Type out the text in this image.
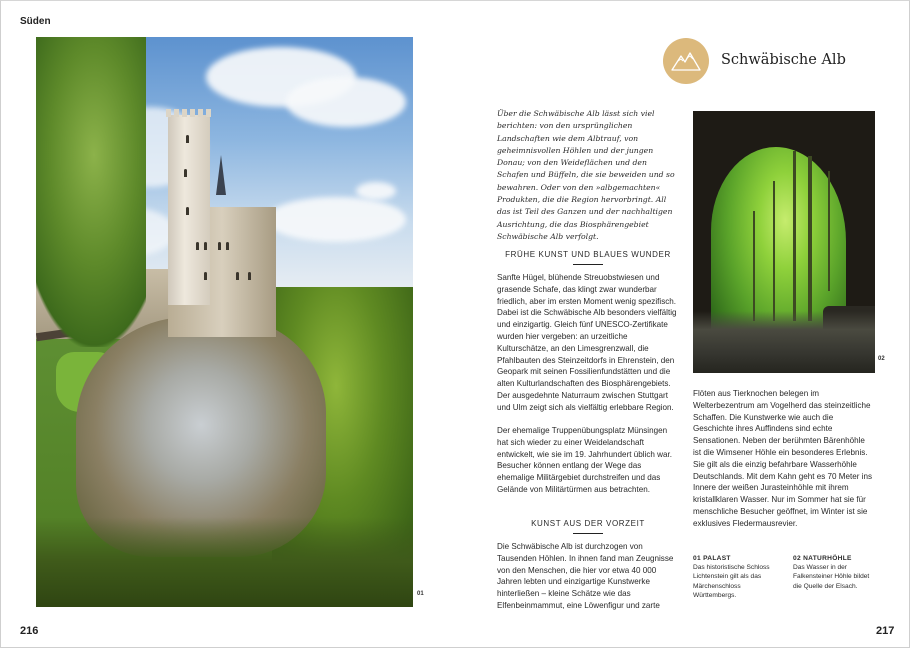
Süden
01
216
Schwäbische Alb
Über die Schwäbische Alb lässt sich viel berichten: von den ursprünglichen Landschaften wie dem Albtrauf, von geheimnisvollen Höhlen und der jungen Donau; von den Weideflächen und den Schafen und Büffeln, die sie beweiden und so bewahren. Oder von den »albgemachten« Produkten, die die Region hervorbringt. All das ist Teil des Ganzen und der nachhaltigen Ausrichtung, die das Biosphärengebiet Schwäbische Alb verfolgt.
FRÜHE KUNST UND BLAUES WUNDER
Sanfte Hügel, blühende Streuobstwiesen und grasende Schafe, das klingt zwar wunderbar friedlich, aber im ersten Moment wenig spezifisch. Dabei ist die Schwäbische Alb besonders vielfältig und einzigartig. Gleich fünf UNESCO-Zertifikate wurden hier vergeben: an urzeitliche Kulturschätze, an den Limesgrenzwall, die Pfahlbauten des Steinzeitdorfs in Ehrenstein, den Geopark mit seinen Fossilienfundstätten und die alten Kulturlandschaften des Biosphärengebiets. Der ausgedehnte Naturraum zwischen Stuttgart und Ulm zeigt sich als vielfältig erlebbare Region.
Der ehemalige Truppenübungsplatz Münsingen hat sich wieder zu einer Weidelandschaft entwickelt, wie sie im 19. Jahrhundert üblich war. Besucher können entlang der Wege das ehemalige Militärgebiet durchstreifen und das Gelände von Militärtürmen aus betrachten.
KUNST AUS DER VORZEIT
Die Schwäbische Alb ist durchzogen von Tausenden Höhlen. In ihnen fand man Zeugnisse von den Menschen, die hier vor etwa 40 000 Jahren lebten und einzigartige Kunstwerke hinterließen – kleine Schätze wie das Elfenbeinmammut, eine Löwenfigur und zarte
02
Flöten aus Tierknochen belegen im Welterbezentrum am Vogelherd das steinzeitliche Schaffen. Die Kunstwerke wie auch die Geschichte ihres Auffindens sind echte Sensationen. Neben der berühmten Bärenhöhle ist die Wimsener Höhle ein besonderes Erlebnis. Sie gilt als die einzig befahrbare Wasserhöhle Deutschlands. Mit dem Kahn geht es 70 Meter ins Innere der weißen Jurasteinhöhle mit ihrem kristallklaren Wasser. Nur im Sommer hat sie für menschliche Besucher geöffnet, im Winter ist sie exklusives Fledermausrevier.
01 PALAST
Das historistische Schloss Lichtenstein gilt als das Märchenschloss Württembergs.
02 NATURHÖHLE
Das Wasser in der Falkensteiner Höhle bildet die Quelle der Elsach.
217
